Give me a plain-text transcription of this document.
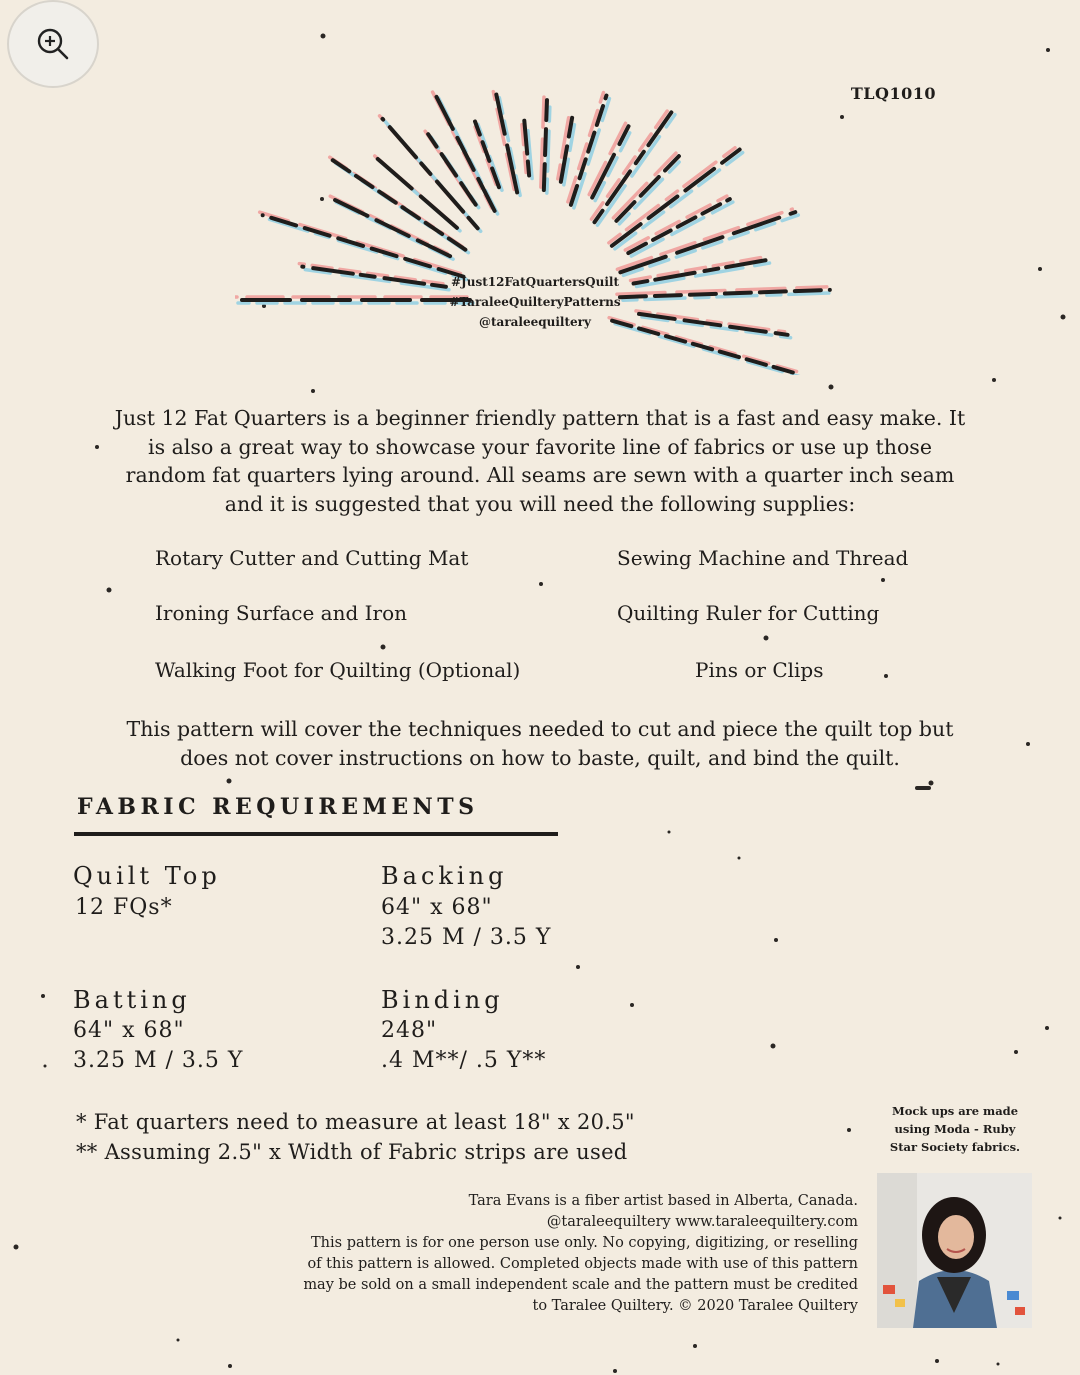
TLQ1010
#Just12FatQuartersQuilt
#TaraleeQuilteryPatterns
@taraleequiltery
Just 12 Fat Quarters is a beginner friendly pattern that is a fast and easy make. It
is also a great way to showcase your favorite line of fabrics or use up those
random fat quarters lying around. All seams are sewn with a quarter inch seam
and it is suggested that you will need the following supplies:
Rotary Cutter and Cutting Mat	Sewing Machine and Thread
Ironing Surface and Iron	Quilting Ruler for Cutting
Walking Foot for Quilting (Optional)	Pins or Clips
This pattern will cover the techniques needed to cut and piece the quilt top but
does not cover instructions on how to baste, quilt, and bind the quilt.
FABRIC REQUIREMENTS
Quilt Top
12 FQs*
Backing
64" x 68"
3.25 M / 3.5 Y
Batting
64" x 68"
3.25 M / 3.5 Y
Binding
248"
.4 M**/ .5 Y**
* Fat quarters need to measure at least 18" x 20.5"
** Assuming 2.5" x Width of Fabric strips are used
Mock ups are made
using Moda - Ruby
Star Society fabrics.
Tara Evans is a fiber artist based in Alberta, Canada.
@taraleequiltery www.taraleequiltery.com
This pattern is for one person use only. No copying, digitizing, or reselling
of this pattern is allowed. Completed objects made with use of this pattern
may be sold on a small independent scale and the pattern must be credited
to Taralee Quiltery. © 2020 Taralee Quiltery
